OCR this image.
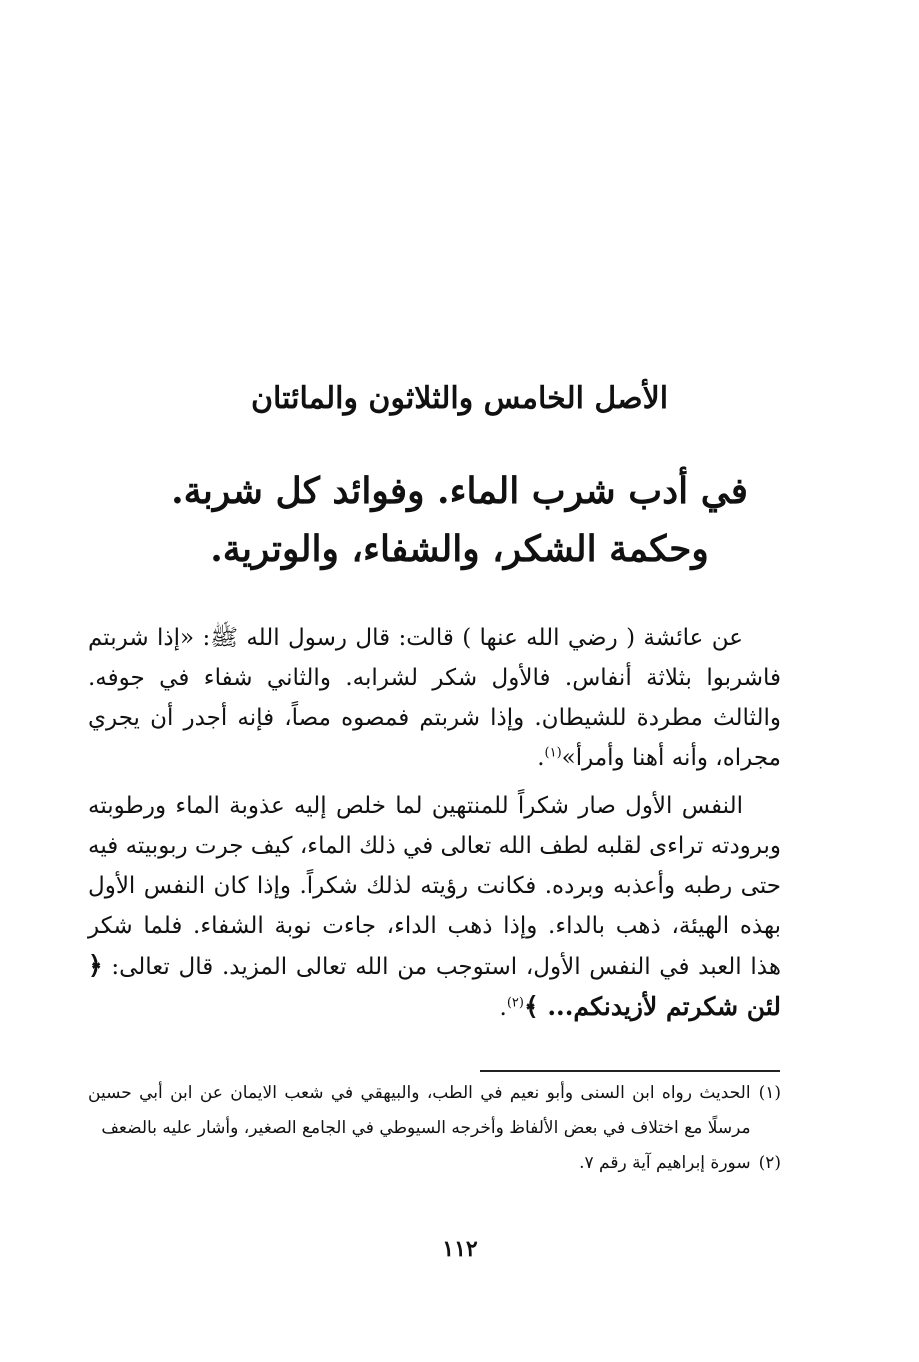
الأصل الخامس والثلاثون والمائتان
في أدب شرب الماء. وفوائد كل شربة.
وحكمة الشكر، والشفاء، والوترية.

عن عائشة ( رضي الله عنها ) قالت: قال رسول الله ﷺ: «إذا شربتم فاشربوا بثلاثة أنفاس. فالأول شكر لشرابه. والثاني شفاء في جوفه. والثالث مطردة للشيطان. وإذا شربتم فمصوه مصاً، فإنه أجدر أن يجري مجراه، وأنه أهنا وأمرأ»$^{(١)}$.

النفس الأول صار شكراً للمنتهين لما خلص إليه عذوبة الماء ورطوبته وبرودته تراءى لقلبه لطف الله تعالى في ذلك الماء، كيف جرت ربوبيته فيه حتى رطبه وأعذبه وبرده. فكانت رؤيته لذلك شكراً. وإذا كان النفس الأول بهذه الهيئة، ذهب بالداء. وإذا ذهب الداء، جاءت نوبة الشفاء. فلما شكر هذا العبد في النفس الأول، استوجب من الله تعالى المزيد. قال تعالى: ﴿ لئن شكرتم لأزيدنكم... ﴾$^{(٢)}$.

(١)
الحديث رواه ابن السنى وأبو نعيم في الطب، والبيهقي في شعب الايمان عن ابن أبي حسين مرسلًا مع اختلاف في بعض الألفاظ وأخرجه السيوطي في الجامع الصغير، وأشار عليه بالضعف
(٢)
سورة إبراهيم آية رقم ٧.
١١٢
